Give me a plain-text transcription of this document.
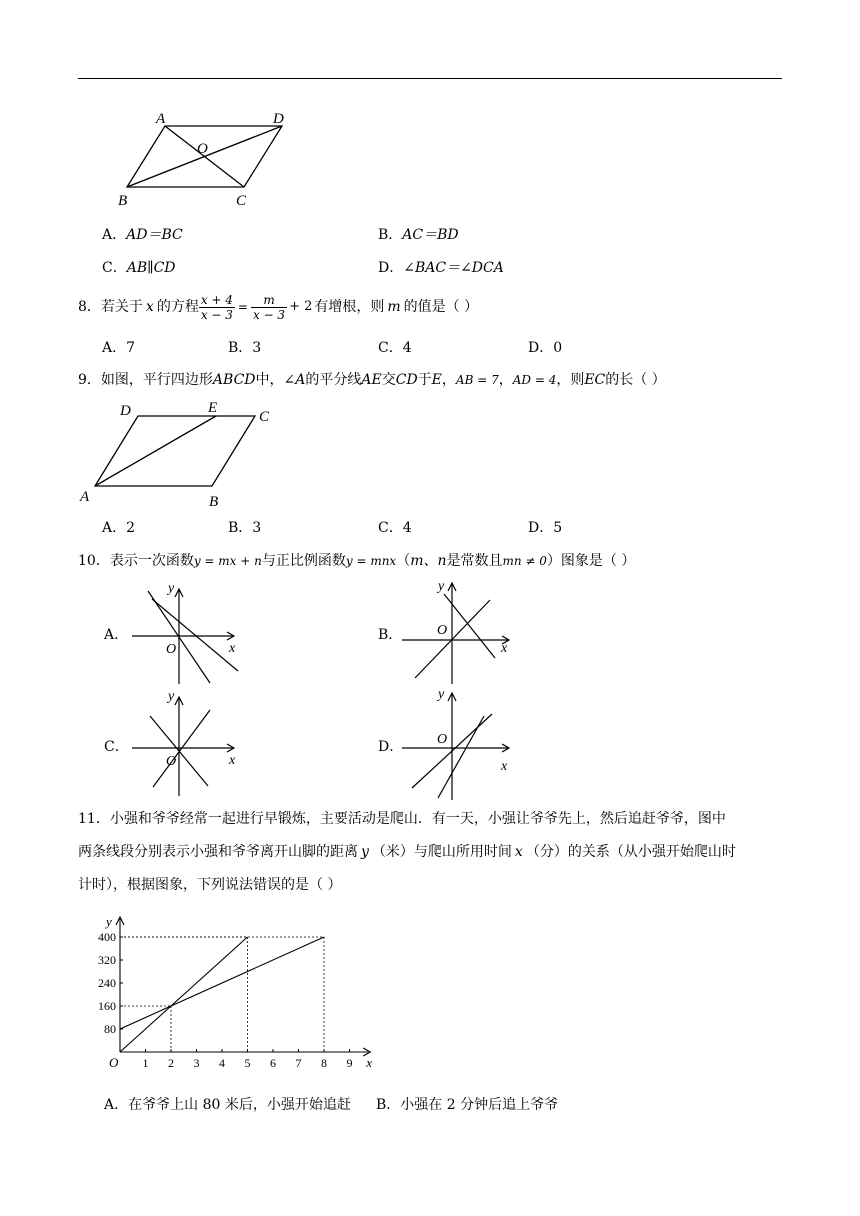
A	D
O
B	C
A．AD＝BC	B．AC＝BD
C．AB∥CD	D．∠BAC＝∠DCA
8． 若关于 x 的方程 $\frac{x + 4}{x - 3} = \frac{m}{x - 3} + 2$ 有增根，则 m 的值是（ ）
A．7	B．3	C．4	D．0
9．如图，平行四边形ABCD中，∠A的平分线AE交CD于E，AB = 7，AD = 4，则EC的长（ ）
D	E
C
A	B
A．2	B．3	C．4	D．5
10．表示一次函数y = mx + n与正比例函数y = mnx（m、n是常数且mn ≠ 0）图象是（ ）
A．
y
x
O
B．
y
x
O
C．
y
x
O
D．
y
x
O
11．小强和爷爷经常一起进行早锻炼，主要活动是爬山．有一天，小强让爷爷先上，然后追赶爷爷，图中
两条线段分别表示小强和爷爷离开山脚的距离 y （米）与爬山所用时间 x （分）的关系（从小强开始爬山时
计时），根据图象，下列说法错误的是（ ）
1 2 3 4 5 6 7 8 9
80
160
240
320
400
O	x
y
A．在爷爷上山 80 米后，小强开始追赶 B．小强在 2 分钟后追上爷爷
